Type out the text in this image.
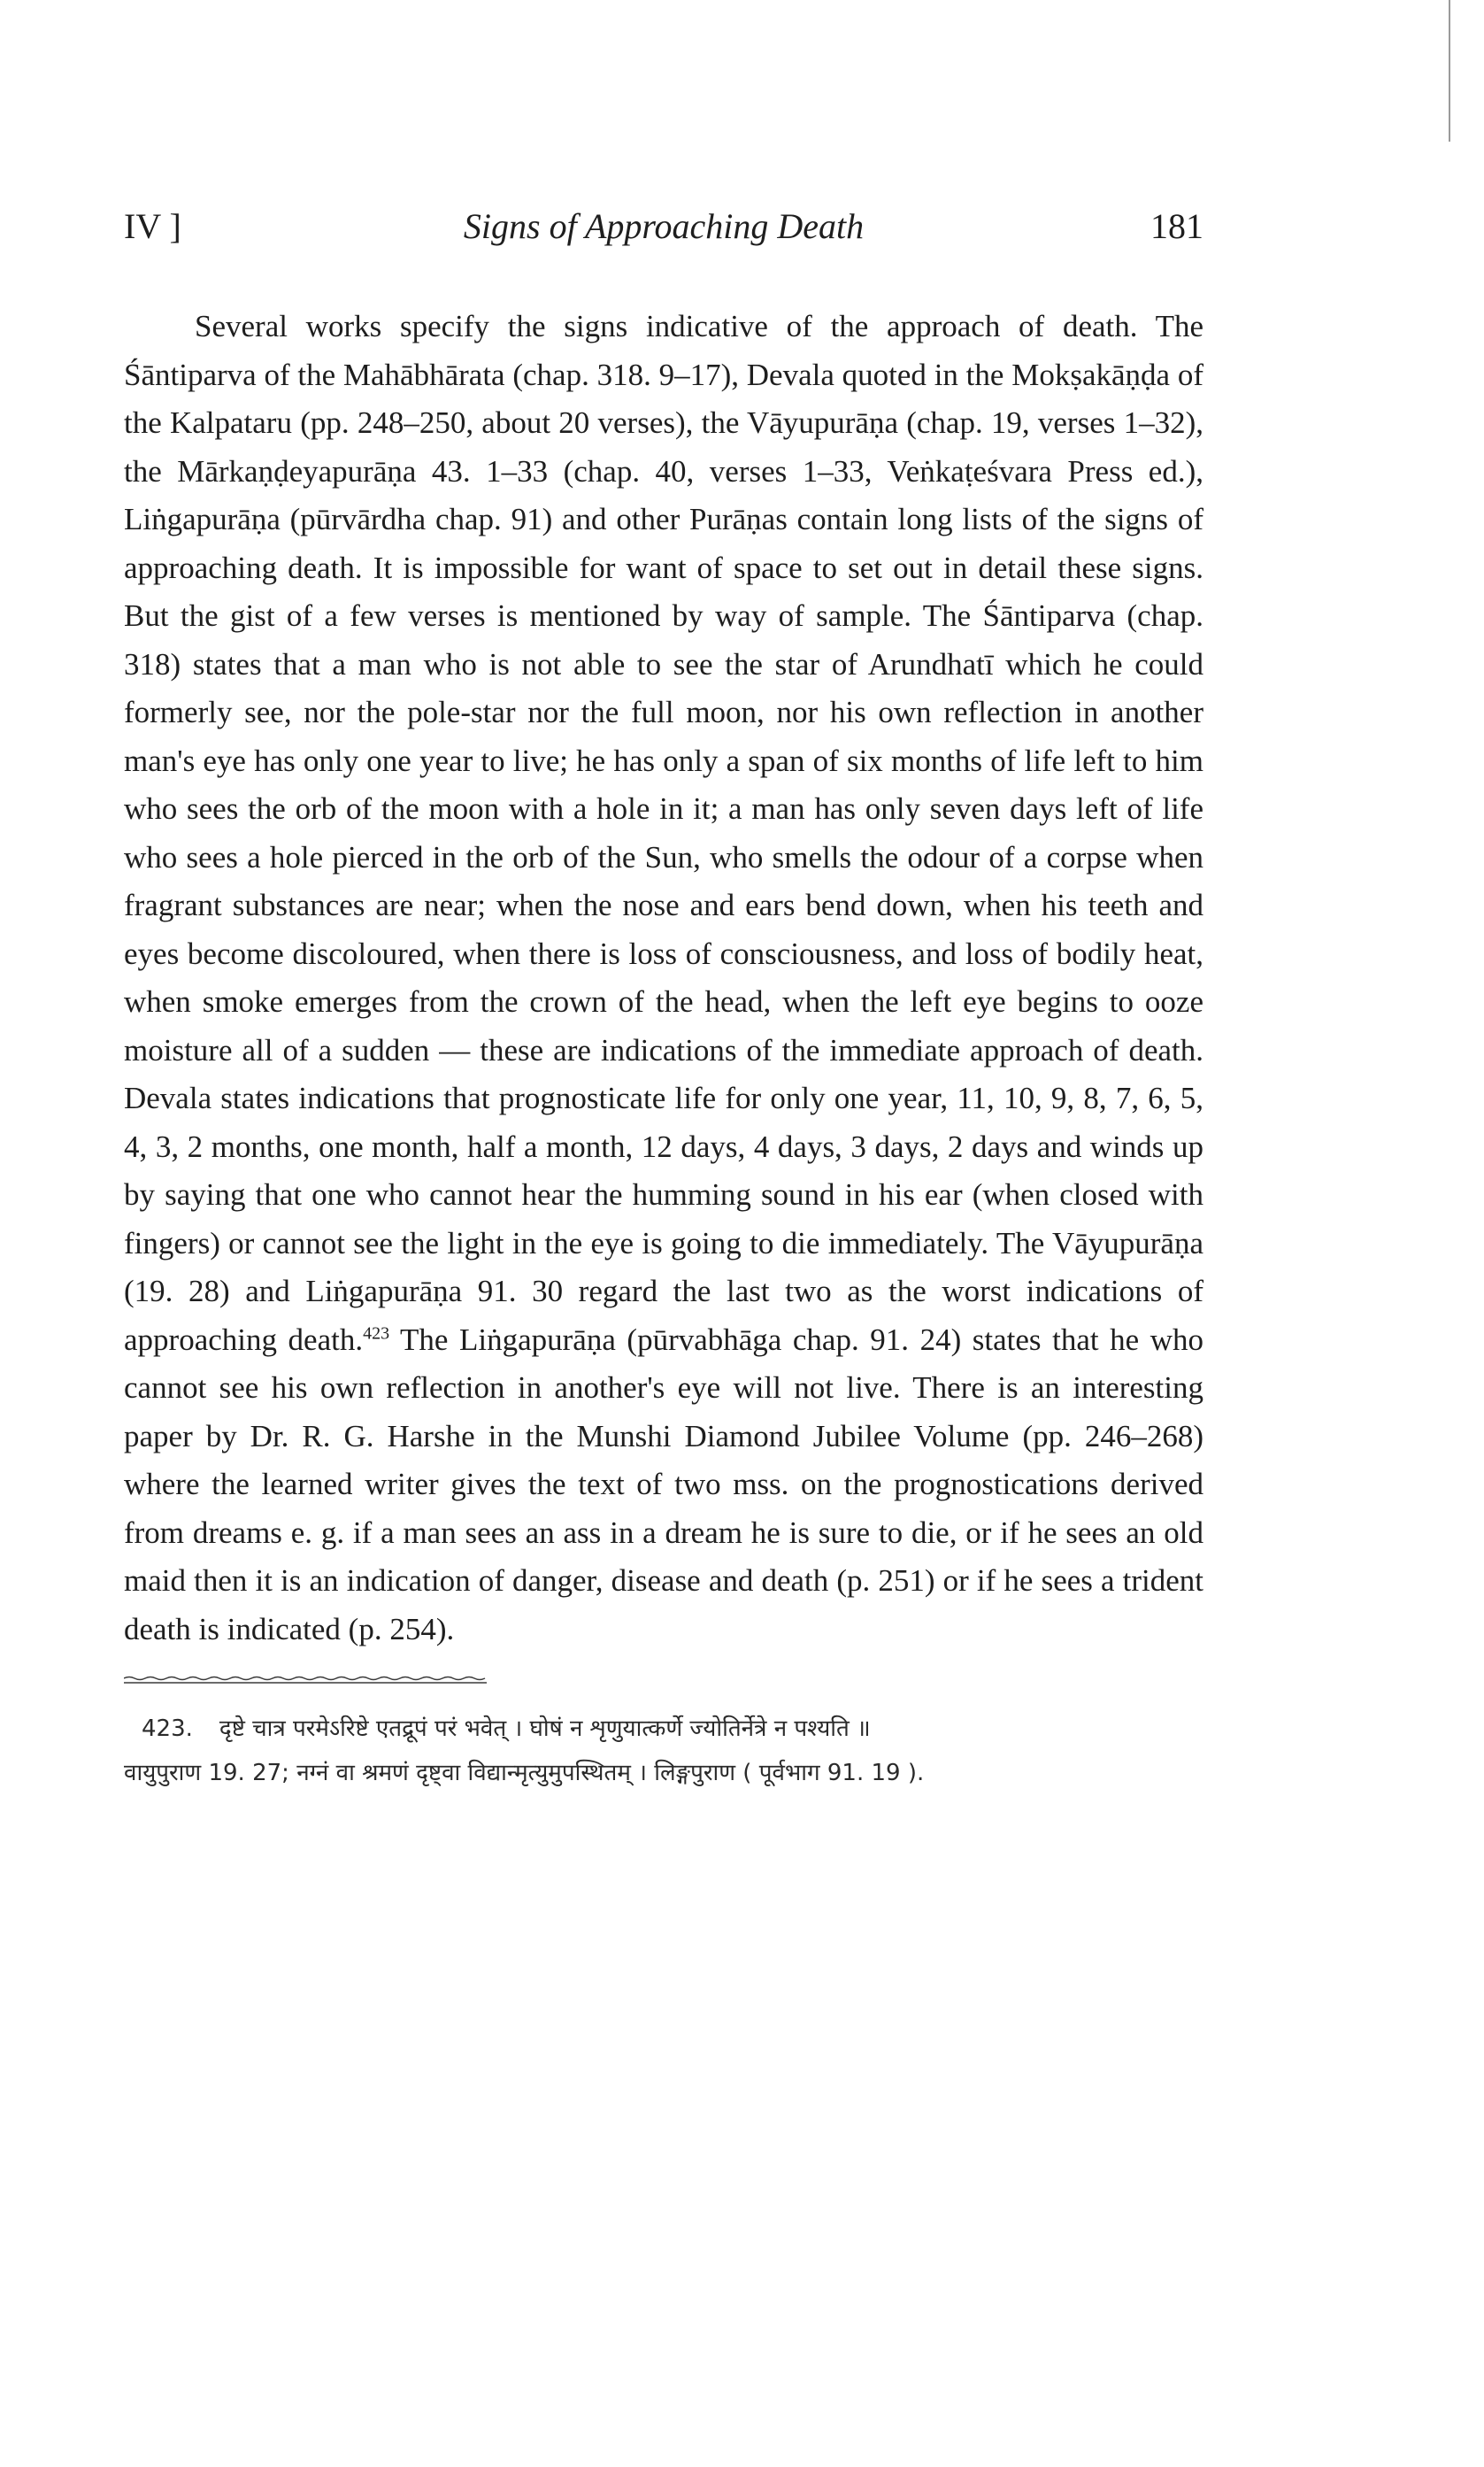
IV ]	Signs of Approaching Death	181

Several works specify the signs indicative of the approach of death. The Śāntiparva of the Mahābhārata (chap. 318. 9–17), Devala quoted in the Mokṣakāṇḍa of the Kalpataru (pp. 248–250, about 20 verses), the Vāyupurāṇa (chap. 19, verses 1–32), the Mārkaṇḍeyapurāṇa 43. 1–33 (chap. 40, verses 1–33, Veṅkaṭeśvara Press ed.), Liṅgapurāṇa (pūrvārdha chap. 91) and other Purāṇas contain long lists of the signs of approaching death. It is impossible for want of space to set out in detail these signs. But the gist of a few verses is mentioned by way of sample. The Śāntiparva (chap. 318) states that a man who is not able to see the star of Arundhatī which he could formerly see, nor the pole-star nor the full moon, nor his own reflection in another man's eye has only one year to live; he has only a span of six months of life left to him who sees the orb of the moon with a hole in it; a man has only seven days left of life who sees a hole pierced in the orb of the Sun, who smells the odour of a corpse when fragrant substances are near; when the nose and ears bend down, when his teeth and eyes become discoloured, when there is loss of consciousness, and loss of bodily heat, when smoke emerges from the crown of the head, when the left eye begins to ooze moisture all of a sudden — these are indications of the immediate approach of death. Devala states indications that prognosticate life for only one year, 11, 10, 9, 8, 7, 6, 5, 4, 3, 2 months, one month, half a month, 12 days, 4 days, 3 days, 2 days and winds up by saying that one who cannot hear the humming sound in his ear (when closed with fingers) or cannot see the light in the eye is going to die immediately. The Vāyupurāṇa (19. 28) and Liṅgapurāṇa 91. 30 regard the last two as the worst indications of approaching death.$^{423}$ The Liṅgapurāṇa (pūrvabhāga chap. 91. 24) states that he who cannot see his own reflection in another's eye will not live. There is an interesting paper by Dr. R. G. Harshe in the Munshi Diamond Jubilee Volume (pp. 246–268) where the learned writer gives the text of two mss. on the prognostications derived from dreams e. g. if a man sees an ass in a dream he is sure to die, or if he sees an old maid then it is an indication of danger, disease and death (p. 251) or if he sees a trident death is indicated (p. 254).

423. दृष्टे चात्र परमेऽरिष्टे एतद्रूपं परं भवेत् । घोषं न शृणुयात्कर्णे ज्योतिर्नेत्रे न पश्यति ॥
वायुपुराण 19. 27; नग्नं वा श्रमणं दृष्ट्वा विद्यान्मृत्युमुपस्थितम् । लिङ्गपुराण ( पूर्वभाग 91. 19 ).
